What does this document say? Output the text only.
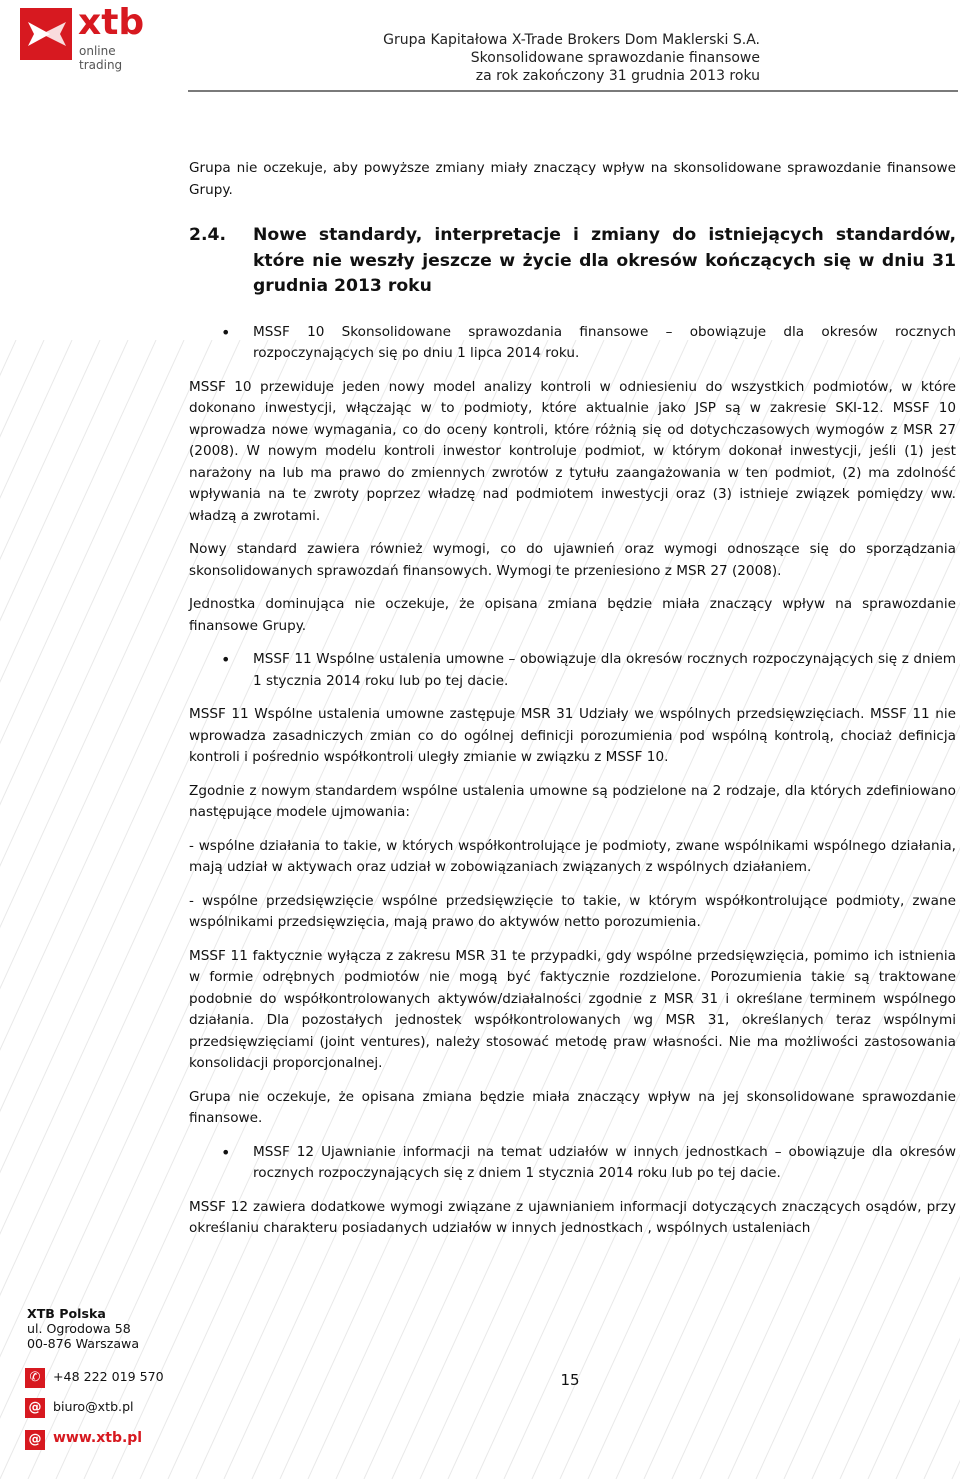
xtb
online trading
Grupa Kapitałowa X-Trade Brokers Dom Maklerski S.A.
Skonsolidowane sprawozdanie finansowe
za rok zakończony 31 grudnia 2013 roku

Grupa nie oczekuje, aby powyższe zmiany miały znaczący wpływ na skonsolidowane sprawozdanie finansowe Grupy.

2.4. Nowe standardy, interpretacje i zmiany do istniejących standardów, które nie weszły jeszcze w życie dla okresów kończących się w dniu 31 grudnia 2013 roku
• MSSF 10 Skonsolidowane sprawozdania finansowe – obowiązuje dla okresów rocznych rozpoczynających się po dniu 1 lipca 2014 roku.

MSSF 10 przewiduje jeden nowy model analizy kontroli w odniesieniu do wszystkich podmiotów, w które dokonano inwestycji, włączając w to podmioty, które aktualnie jako JSP są w zakresie SKI-12. MSSF 10 wprowadza nowe wymagania, co do oceny kontroli, które różnią się od dotychczasowych wymogów z MSR 27 (2008). W nowym modelu kontroli inwestor kontroluje podmiot, w którym dokonał inwestycji, jeśli (1) jest narażony na lub ma prawo do zmiennych zwrotów z tytułu zaangażowania w ten podmiot, (2) ma zdolność wpływania na te zwroty poprzez władzę nad podmiotem inwestycji oraz (3) istnieje związek pomiędzy ww. władzą a zwrotami.

Nowy standard zawiera również wymogi, co do ujawnień oraz wymogi odnoszące się do sporządzania skonsolidowanych sprawozdań finansowych. Wymogi te przeniesiono z MSR 27 (2008).

Jednostka dominująca nie oczekuje, że opisana zmiana będzie miała znaczący wpływ na sprawozdanie finansowe Grupy.

• MSSF 11 Wspólne ustalenia umowne – obowiązuje dla okresów rocznych rozpoczynających się z dniem 1 stycznia 2014 roku lub po tej dacie.

MSSF 11 Wspólne ustalenia umowne zastępuje MSR 31 Udziały we wspólnych przedsięwzięciach. MSSF 11 nie wprowadza zasadniczych zmian co do ogólnej definicji porozumienia pod wspólną kontrolą, chociaż definicja kontroli i pośrednio współkontroli uległy zmianie w związku z MSSF 10.

Zgodnie z nowym standardem wspólne ustalenia umowne są podzielone na 2 rodzaje, dla których zdefiniowano następujące modele ujmowania:

- wspólne działania to takie, w których współkontrolujące je podmioty, zwane wspólnikami wspólnego działania, mają udział w aktywach oraz udział w zobowiązaniach związanych z wspólnych działaniem.

- wspólne przedsięwzięcie wspólne przedsięwzięcie to takie, w którym współkontrolujące podmioty, zwane wspólnikami przedsięwzięcia, mają prawo do aktywów netto porozumienia.

MSSF 11 faktycznie wyłącza z zakresu MSR 31 te przypadki, gdy wspólne przedsięwzięcia, pomimo ich istnienia w formie odrębnych podmiotów nie mogą być faktycznie rozdzielone. Porozumienia takie są traktowane podobnie do współkontrolowanych aktywów/działalności zgodnie z MSR 31 i określane terminem wspólnego działania. Dla pozostałych jednostek współkontrolowanych wg MSR 31, określanych teraz wspólnymi przedsięwzięciami (joint ventures), należy stosować metodę praw własności. Nie ma możliwości zastosowania konsolidacji proporcjonalnej.

Grupa nie oczekuje, że opisana zmiana będzie miała znaczący wpływ na jej skonsolidowane sprawozdanie finansowe.

• MSSF 12 Ujawnianie informacji na temat udziałów w innych jednostkach – obowiązuje dla okresów rocznych rozpoczynających się z dniem 1 stycznia 2014 roku lub po tej dacie.

MSSF 12 zawiera dodatkowe wymogi związane z ujawnianiem informacji dotyczących znaczących osądów, przy określaniu charakteru posiadanych udziałów w innych jednostkach , wspólnych ustaleniach

XTB Polska
ul. Ogrodowa 58
00-876 Warszawa
✆ +48 222 019 570
@ biuro@xtb.pl
@ www.xtb.pl
15
